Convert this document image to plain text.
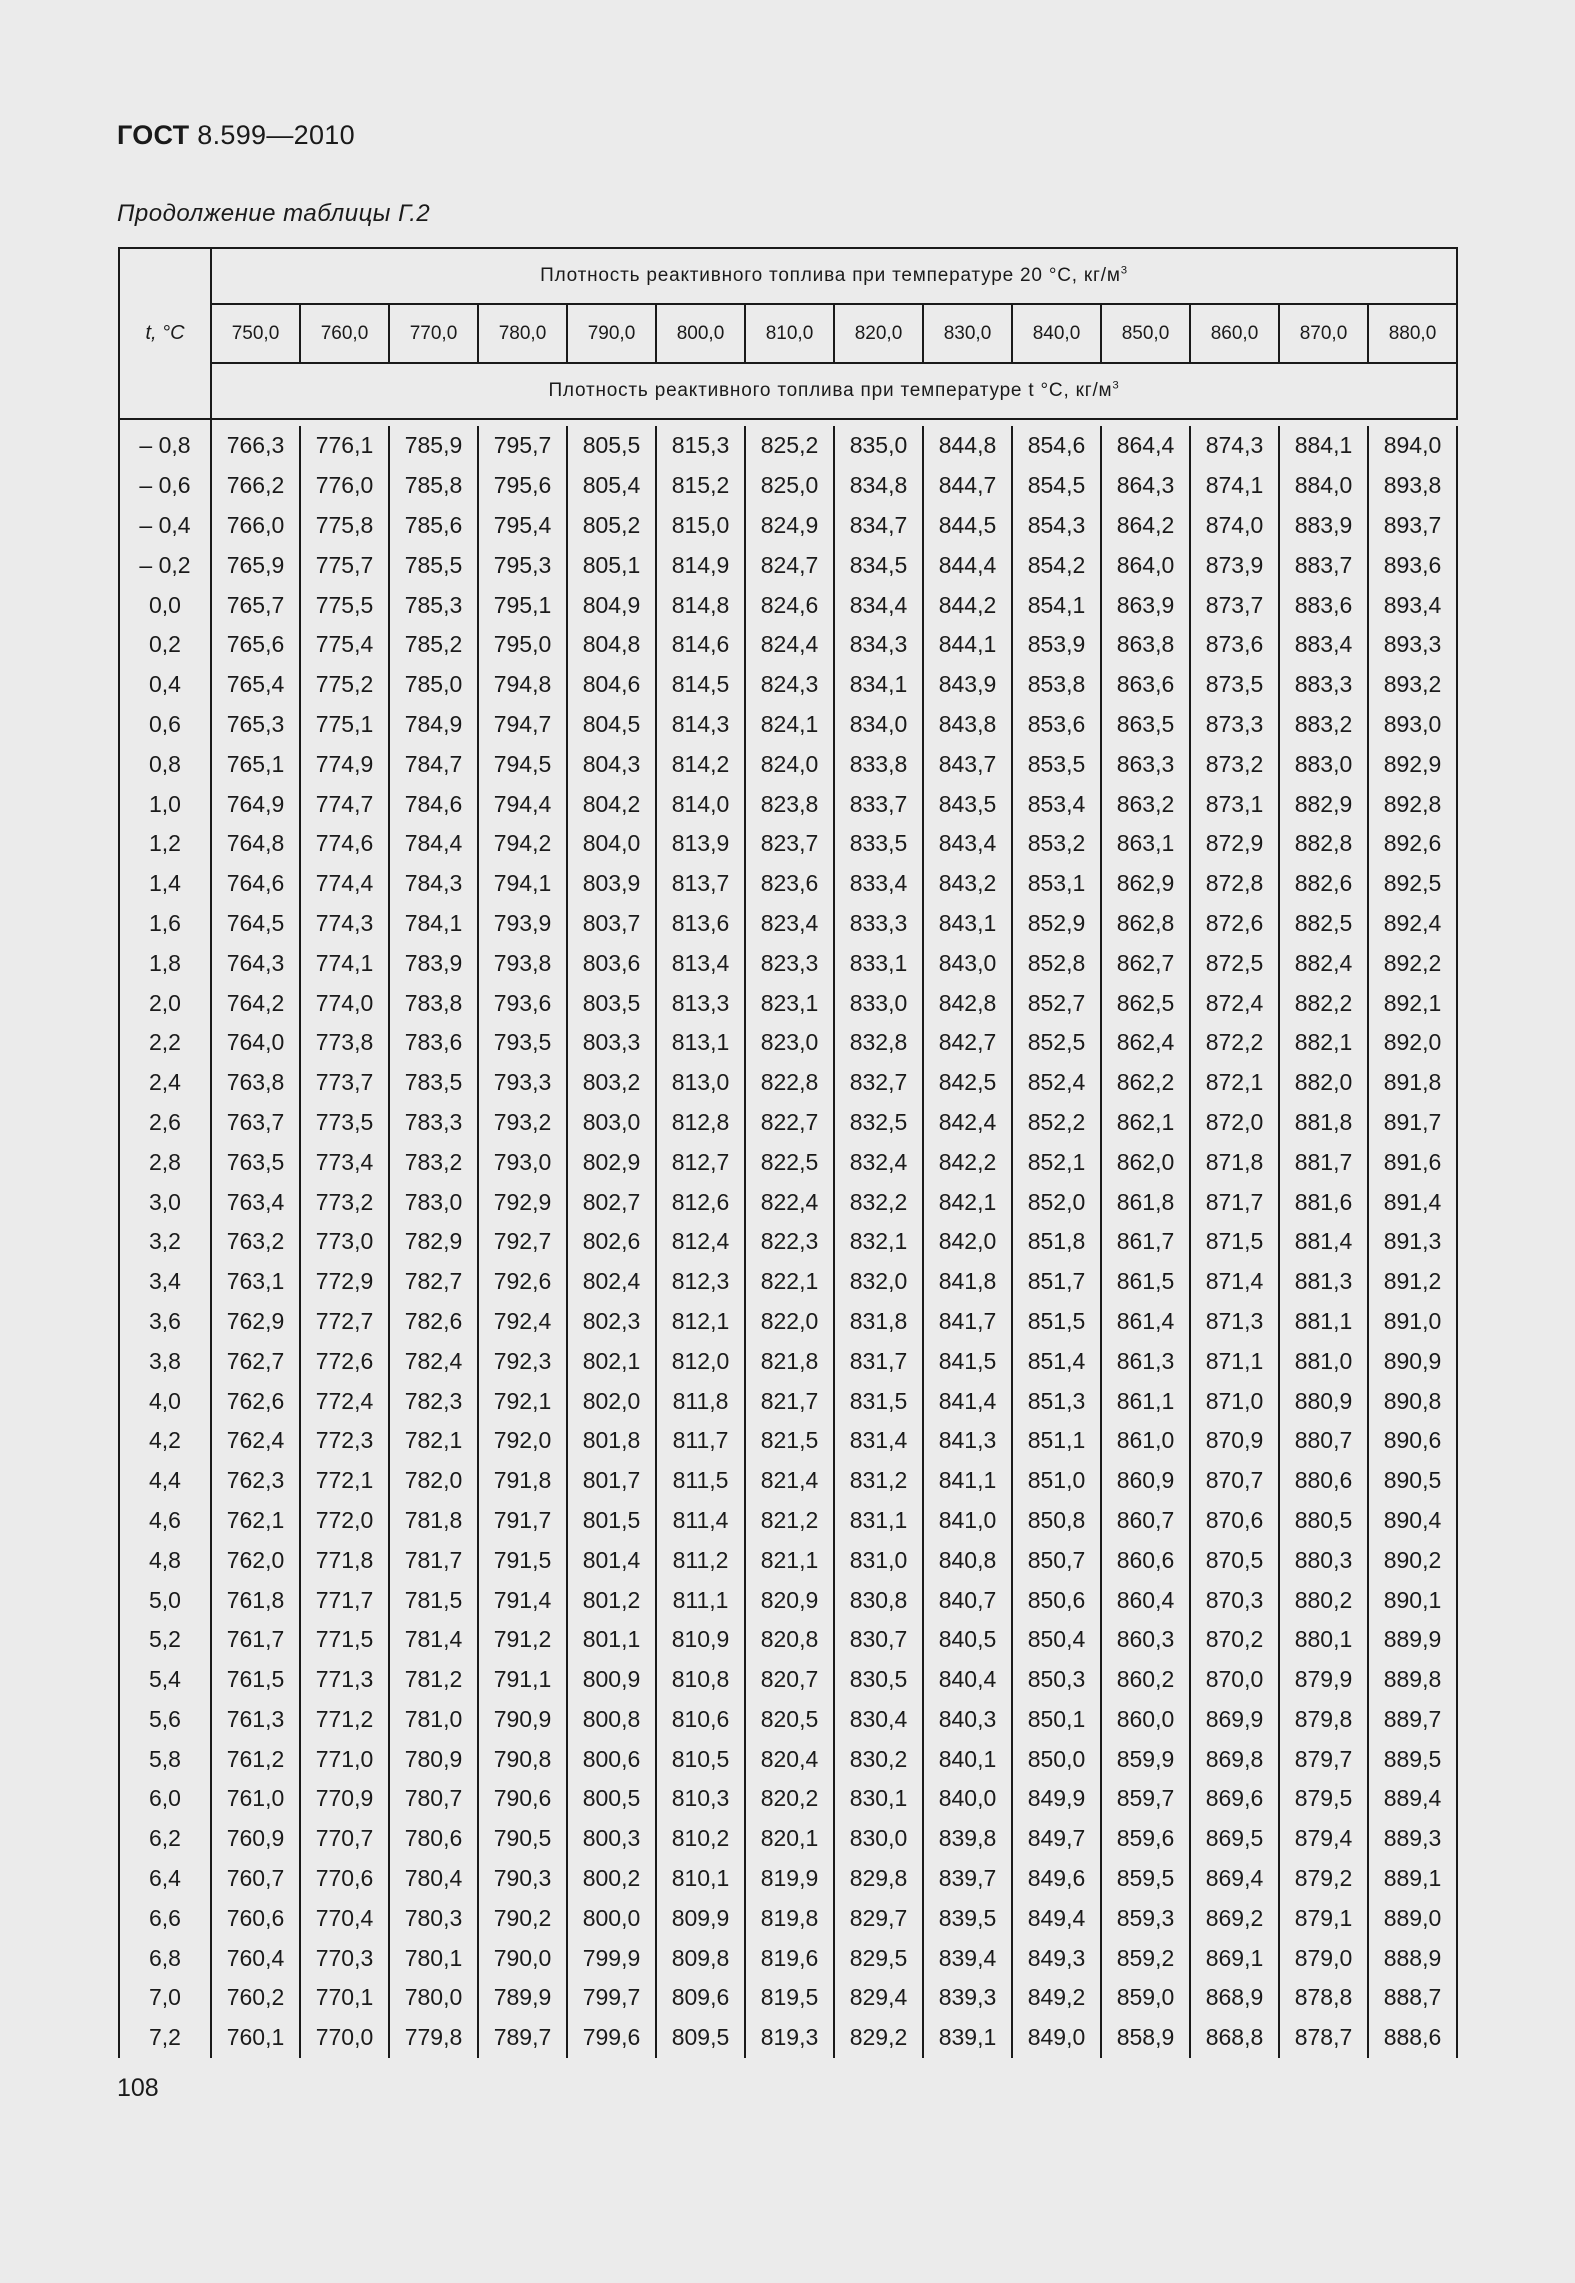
ГОСТ 8.599—2010
Продолжение таблицы Г.2
t, °C	Плотность реактивного топлива при температуре 20 °C, $кг/м^3$
	750,0	760,0	770,0	780,0	790,0	800,0	810,0	820,0	830,0	840,0	850,0	860,0	870,0	880,0
	Плотность реактивного топлива при температуре t °C, $кг/м^3$

– 0,8	766,3	776,1	785,9	795,7	805,5	815,3	825,2	835,0	844,8	854,6	864,4	874,3	884,1	894,0
– 0,6	766,2	776,0	785,8	795,6	805,4	815,2	825,0	834,8	844,7	854,5	864,3	874,1	884,0	893,8
– 0,4	766,0	775,8	785,6	795,4	805,2	815,0	824,9	834,7	844,5	854,3	864,2	874,0	883,9	893,7
– 0,2	765,9	775,7	785,5	795,3	805,1	814,9	824,7	834,5	844,4	854,2	864,0	873,9	883,7	893,6
0,0	765,7	775,5	785,3	795,1	804,9	814,8	824,6	834,4	844,2	854,1	863,9	873,7	883,6	893,4
0,2	765,6	775,4	785,2	795,0	804,8	814,6	824,4	834,3	844,1	853,9	863,8	873,6	883,4	893,3
0,4	765,4	775,2	785,0	794,8	804,6	814,5	824,3	834,1	843,9	853,8	863,6	873,5	883,3	893,2
0,6	765,3	775,1	784,9	794,7	804,5	814,3	824,1	834,0	843,8	853,6	863,5	873,3	883,2	893,0
0,8	765,1	774,9	784,7	794,5	804,3	814,2	824,0	833,8	843,7	853,5	863,3	873,2	883,0	892,9
1,0	764,9	774,7	784,6	794,4	804,2	814,0	823,8	833,7	843,5	853,4	863,2	873,1	882,9	892,8
1,2	764,8	774,6	784,4	794,2	804,0	813,9	823,7	833,5	843,4	853,2	863,1	872,9	882,8	892,6
1,4	764,6	774,4	784,3	794,1	803,9	813,7	823,6	833,4	843,2	853,1	862,9	872,8	882,6	892,5
1,6	764,5	774,3	784,1	793,9	803,7	813,6	823,4	833,3	843,1	852,9	862,8	872,6	882,5	892,4
1,8	764,3	774,1	783,9	793,8	803,6	813,4	823,3	833,1	843,0	852,8	862,7	872,5	882,4	892,2
2,0	764,2	774,0	783,8	793,6	803,5	813,3	823,1	833,0	842,8	852,7	862,5	872,4	882,2	892,1
2,2	764,0	773,8	783,6	793,5	803,3	813,1	823,0	832,8	842,7	852,5	862,4	872,2	882,1	892,0
2,4	763,8	773,7	783,5	793,3	803,2	813,0	822,8	832,7	842,5	852,4	862,2	872,1	882,0	891,8
2,6	763,7	773,5	783,3	793,2	803,0	812,8	822,7	832,5	842,4	852,2	862,1	872,0	881,8	891,7
2,8	763,5	773,4	783,2	793,0	802,9	812,7	822,5	832,4	842,2	852,1	862,0	871,8	881,7	891,6
3,0	763,4	773,2	783,0	792,9	802,7	812,6	822,4	832,2	842,1	852,0	861,8	871,7	881,6	891,4
3,2	763,2	773,0	782,9	792,7	802,6	812,4	822,3	832,1	842,0	851,8	861,7	871,5	881,4	891,3
3,4	763,1	772,9	782,7	792,6	802,4	812,3	822,1	832,0	841,8	851,7	861,5	871,4	881,3	891,2
3,6	762,9	772,7	782,6	792,4	802,3	812,1	822,0	831,8	841,7	851,5	861,4	871,3	881,1	891,0
3,8	762,7	772,6	782,4	792,3	802,1	812,0	821,8	831,7	841,5	851,4	861,3	871,1	881,0	890,9
4,0	762,6	772,4	782,3	792,1	802,0	811,8	821,7	831,5	841,4	851,3	861,1	871,0	880,9	890,8
4,2	762,4	772,3	782,1	792,0	801,8	811,7	821,5	831,4	841,3	851,1	861,0	870,9	880,7	890,6
4,4	762,3	772,1	782,0	791,8	801,7	811,5	821,4	831,2	841,1	851,0	860,9	870,7	880,6	890,5
4,6	762,1	772,0	781,8	791,7	801,5	811,4	821,2	831,1	841,0	850,8	860,7	870,6	880,5	890,4
4,8	762,0	771,8	781,7	791,5	801,4	811,2	821,1	831,0	840,8	850,7	860,6	870,5	880,3	890,2
5,0	761,8	771,7	781,5	791,4	801,2	811,1	820,9	830,8	840,7	850,6	860,4	870,3	880,2	890,1
5,2	761,7	771,5	781,4	791,2	801,1	810,9	820,8	830,7	840,5	850,4	860,3	870,2	880,1	889,9
5,4	761,5	771,3	781,2	791,1	800,9	810,8	820,7	830,5	840,4	850,3	860,2	870,0	879,9	889,8
5,6	761,3	771,2	781,0	790,9	800,8	810,6	820,5	830,4	840,3	850,1	860,0	869,9	879,8	889,7
5,8	761,2	771,0	780,9	790,8	800,6	810,5	820,4	830,2	840,1	850,0	859,9	869,8	879,7	889,5
6,0	761,0	770,9	780,7	790,6	800,5	810,3	820,2	830,1	840,0	849,9	859,7	869,6	879,5	889,4
6,2	760,9	770,7	780,6	790,5	800,3	810,2	820,1	830,0	839,8	849,7	859,6	869,5	879,4	889,3
6,4	760,7	770,6	780,4	790,3	800,2	810,1	819,9	829,8	839,7	849,6	859,5	869,4	879,2	889,1
6,6	760,6	770,4	780,3	790,2	800,0	809,9	819,8	829,7	839,5	849,4	859,3	869,2	879,1	889,0
6,8	760,4	770,3	780,1	790,0	799,9	809,8	819,6	829,5	839,4	849,3	859,2	869,1	879,0	888,9
7,0	760,2	770,1	780,0	789,9	799,7	809,6	819,5	829,4	839,3	849,2	859,0	868,9	878,8	888,7
7,2	760,1	770,0	779,8	789,7	799,6	809,5	819,3	829,2	839,1	849,0	858,9	868,8	878,7	888,6
108
